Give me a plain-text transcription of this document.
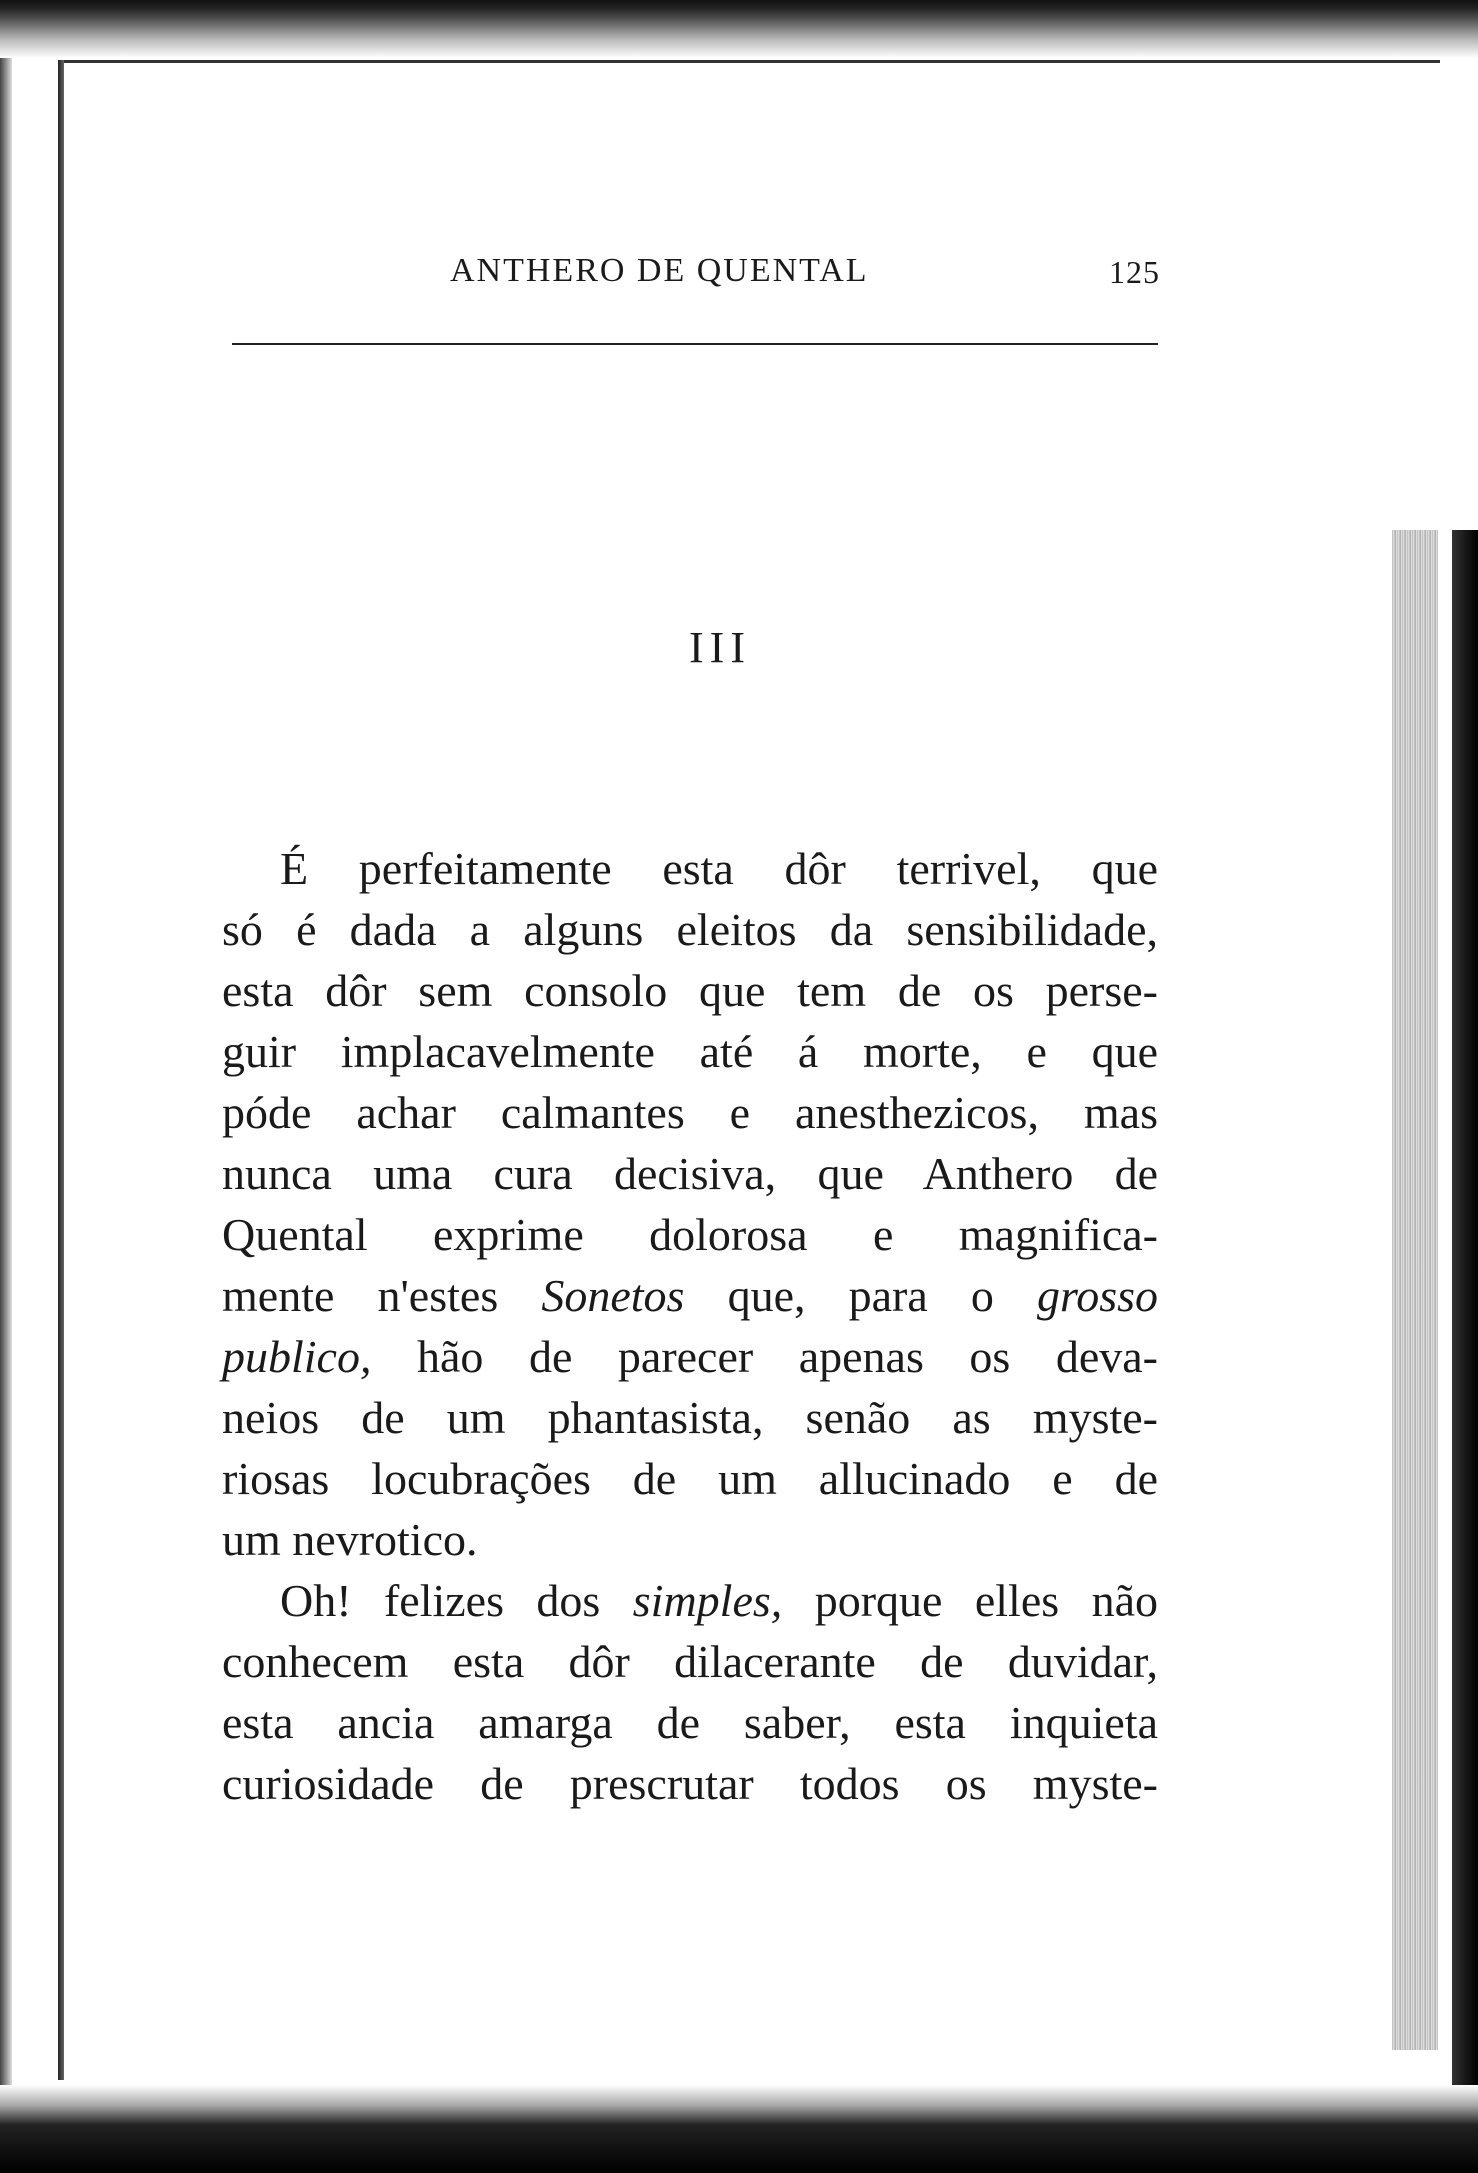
ANTHERO DE QUENTAL	125
III
É perfeitamente esta dôr terrivel, que
só é dada a alguns eleitos da sensibilidade,
esta dôr sem consolo que tem de os perse-
guir implacavelmente até á morte, e que
póde achar calmantes e anesthezicos, mas
nunca uma cura decisiva, que Anthero de
Quental exprime dolorosa e magnifica-
mente n'estes Sonetos que, para o grosso
publico, hão de parecer apenas os deva-
neios de um phantasista, senão as myste-
riosas locubrações de um allucinado e de
um nevrotico.
Oh! felizes dos simples, porque elles não
conhecem esta dôr dilacerante de duvidar,
esta ancia amarga de saber, esta inquieta
curiosidade de prescrutar todos os myste-
